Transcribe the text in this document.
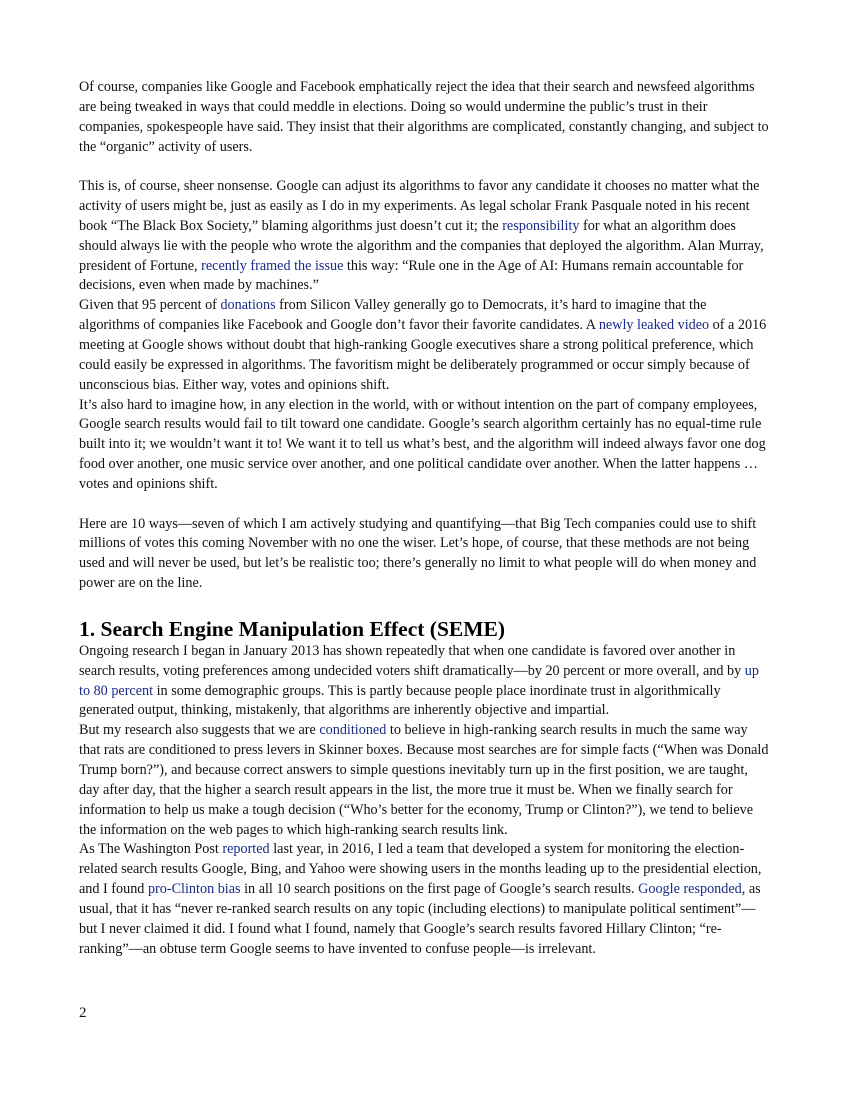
Of course, companies like Google and Facebook emphatically reject the idea that their search and newsfeed algorithms are being tweaked in ways that could meddle in elections. Doing so would undermine the public’s trust in their companies, spokespeople have said. They insist that their algorithms are complicated, constantly changing, and subject to the “organic” activity of users.

This is, of course, sheer nonsense. Google can adjust its algorithms to favor any candidate it chooses no matter what the activity of users might be, just as easily as I do in my experiments. As legal scholar Frank Pasquale noted in his recent book “The Black Box Society,” blaming algorithms just doesn’t cut it; the responsibility for what an algorithm does should always lie with the people who wrote the algorithm and the companies that deployed the algorithm. Alan Murray, president of Fortune, recently framed the issue this way: “Rule one in the Age of AI: Humans remain accountable for decisions, even when made by machines.”

Given that 95 percent of donations from Silicon Valley generally go to Democrats, it’s hard to imagine that the algorithms of companies like Facebook and Google don’t favor their favorite candidates. A newly leaked video of a 2016 meeting at Google shows without doubt that high-ranking Google executives share a strong political preference, which could easily be expressed in algorithms. The favoritism might be deliberately programmed or occur simply because of unconscious bias. Either way, votes and opinions shift.

It’s also hard to imagine how, in any election in the world, with or without intention on the part of company employees, Google search results would fail to tilt toward one candidate. Google’s search algorithm certainly has no equal-time rule built into it; we wouldn’t want it to! We want it to tell us what’s best, and the algorithm will indeed always favor one dog food over another, one music service over another, and one political candidate over another. When the latter happens … votes and opinions shift.

Here are 10 ways—seven of which I am actively studying and quantifying—that Big Tech companies could use to shift millions of votes this coming November with no one the wiser. Let’s hope, of course, that these methods are not being used and will never be used, but let’s be realistic too; there’s generally no limit to what people will do when money and power are on the line.

1. Search Engine Manipulation Effect (SEME)

Ongoing research I began in January 2013 has shown repeatedly that when one candidate is favored over another in search results, voting preferences among undecided voters shift dramatically—by 20 percent or more overall, and by up to 80 percent in some demographic groups. This is partly because people place inordinate trust in algorithmically generated output, thinking, mistakenly, that algorithms are inherently objective and impartial.

But my research also suggests that we are conditioned to believe in high-ranking search results in much the same way that rats are conditioned to press levers in Skinner boxes. Because most searches are for simple facts (“When was Donald Trump born?”), and because correct answers to simple questions inevitably turn up in the first position, we are taught, day after day, that the higher a search result appears in the list, the more true it must be. When we finally search for information to help us make a tough decision (“Who’s better for the economy, Trump or Clinton?”), we tend to believe the information on the web pages to which high-ranking search results link.

As The Washington Post reported last year, in 2016, I led a team that developed a system for monitoring the election-related search results Google, Bing, and Yahoo were showing users in the months leading up to the presidential election, and I found pro-Clinton bias in all 10 search positions on the first page of Google’s search results. Google responded, as usual, that it has “never re-ranked search results on any topic (including elections) to manipulate political sentiment”—but I never claimed it did. I found what I found, namely that Google’s search results favored Hillary Clinton; “re-ranking”—an obtuse term Google seems to have invented to confuse people—is irrelevant.

2
